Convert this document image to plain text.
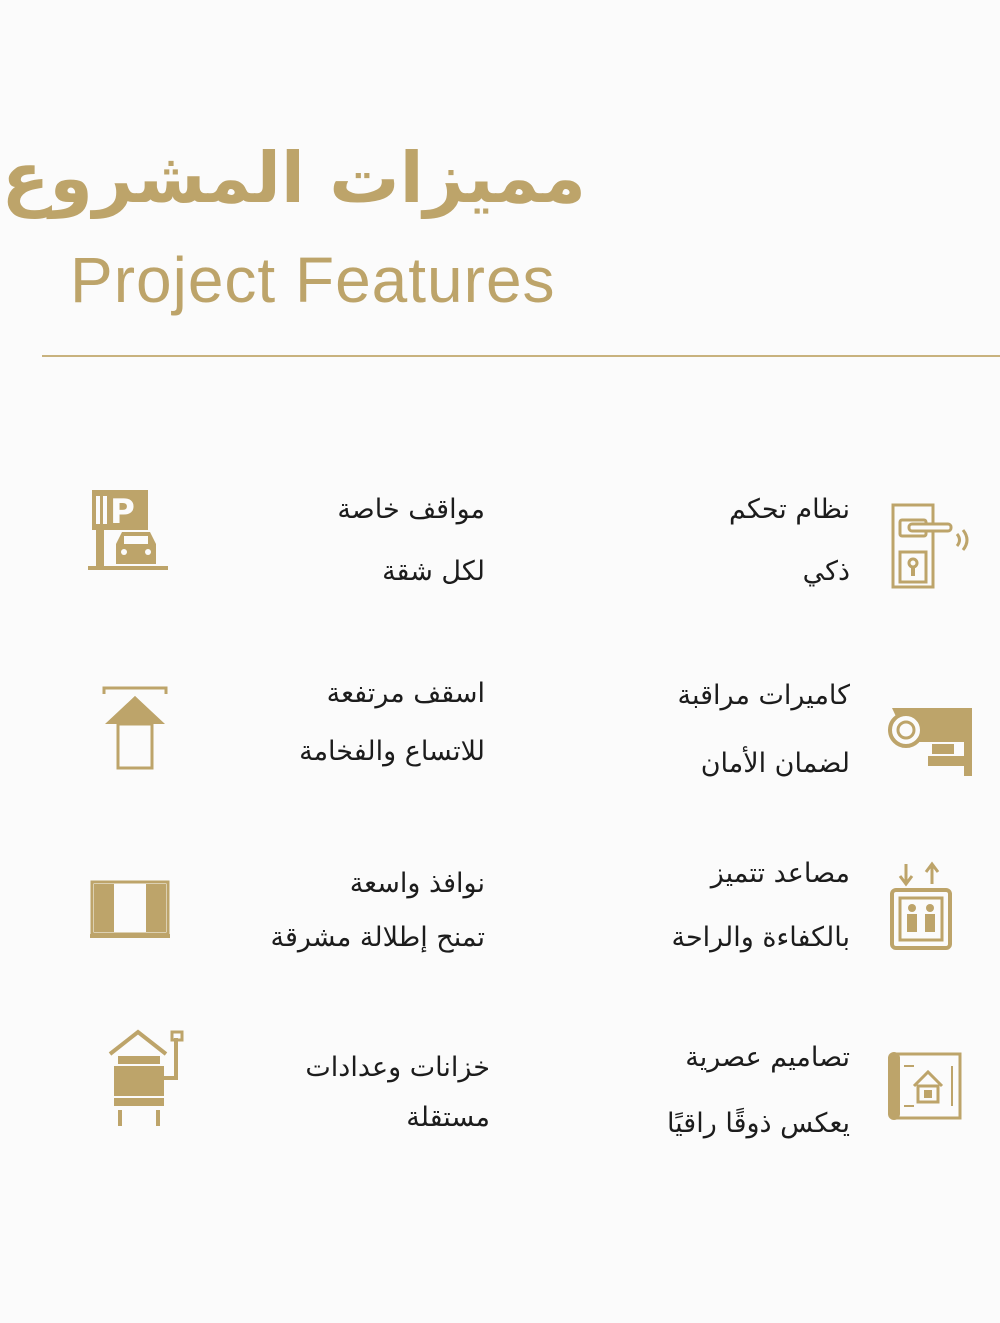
مميزات المشروع
Project Features
نظام تحكم
ذكي
مواقف خاصة
لكل شقة
P
كاميرات مراقبة
لضمان الأمان
اسقف مرتفعة
للاتساع والفخامة
مصاعد تتميز
بالكفاءة والراحة
نوافذ واسعة
تمنح إطلالة مشرقة
تصاميم عصرية
يعكس ذوقًا راقيًا
خزانات وعدادات
مستقلة
